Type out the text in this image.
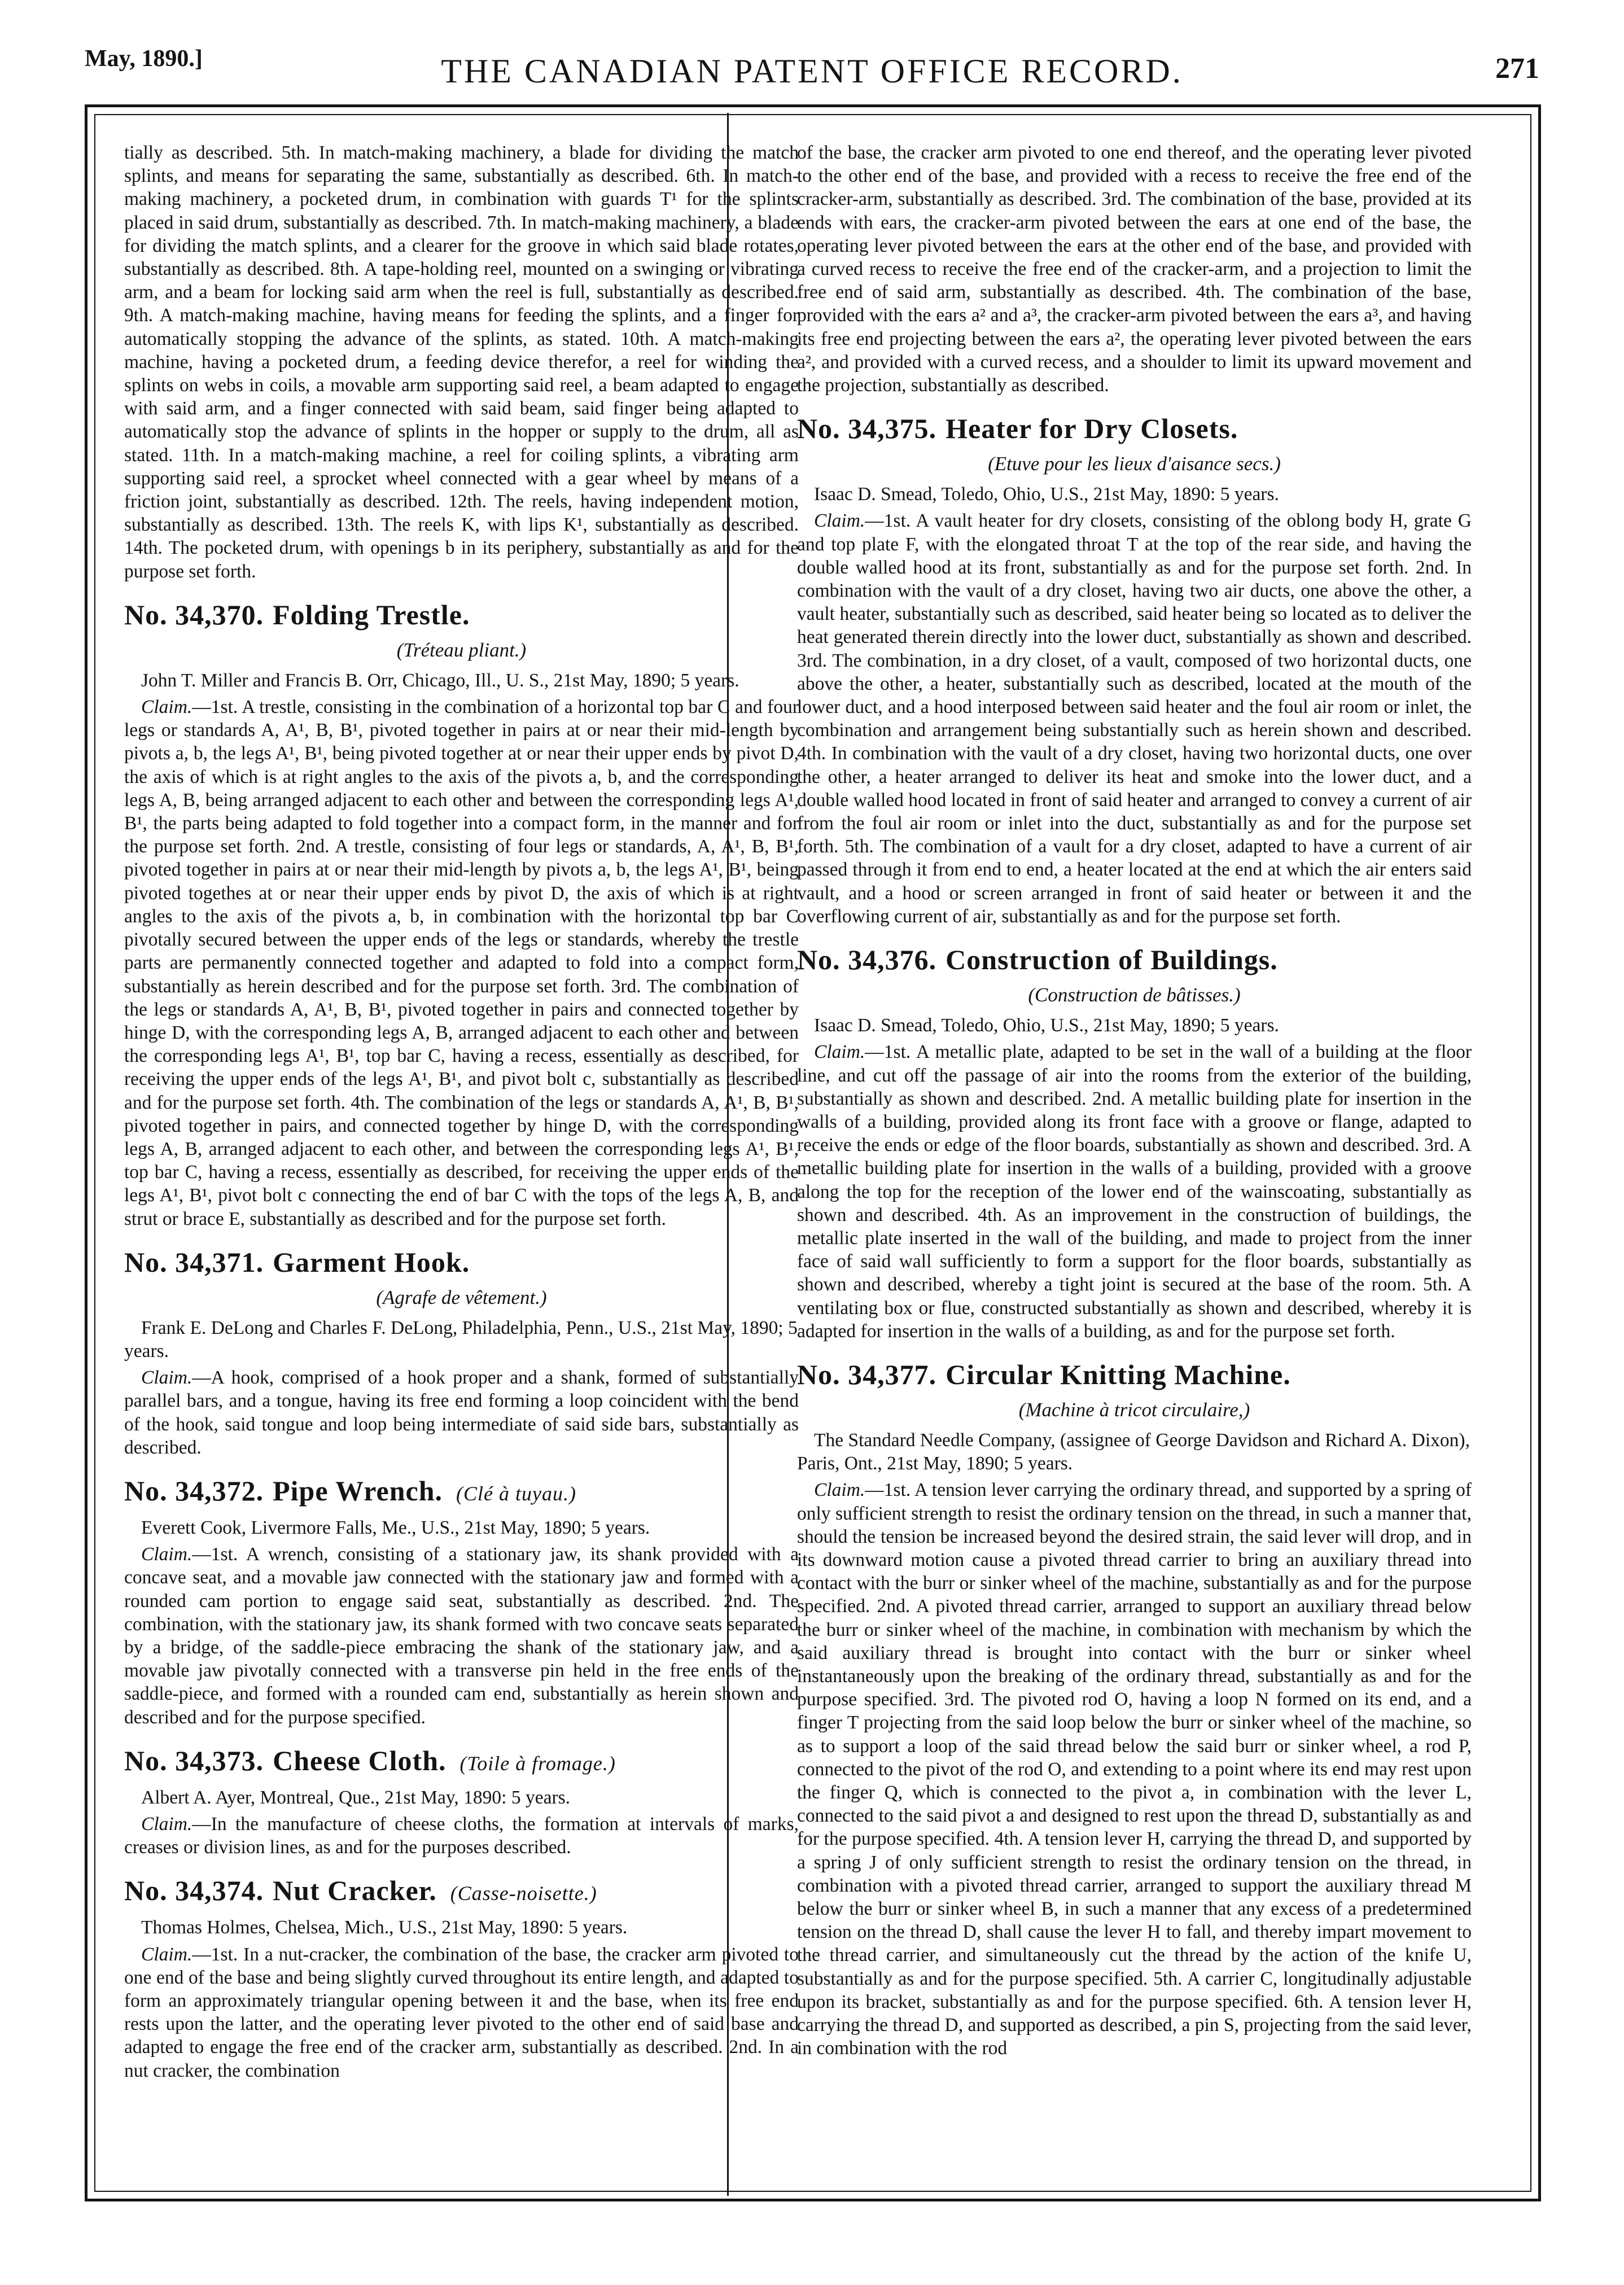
May, 1890.]	THE CANADIAN PATENT OFFICE RECORD.	271

tially as described. 5th. In match-making machinery, a blade for dividing the match splints, and means for separating the same, substantially as described. 6th. In match-making machinery, a pocketed drum, in combination with guards T¹ for the splints placed in said drum, substantially as described. 7th. In match-making machinery, a blade for dividing the match splints, and a clearer for the groove in which said blade rotates, substantially as described. 8th. A tape-holding reel, mounted on a swinging or vibrating arm, and a beam for locking said arm when the reel is full, substantially as described. 9th. A match-making machine, having means for feeding the splints, and a finger for automatically stopping the advance of the splints, as stated. 10th. A match-making machine, having a pocketed drum, a feeding device therefor, a reel for winding the splints on webs in coils, a movable arm supporting said reel, a beam adapted to engage with said arm, and a finger connected with said beam, said finger being adapted to automatically stop the advance of splints in the hopper or supply to the drum, all as stated. 11th. In a match-making machine, a reel for coiling splints, a vibrating arm supporting said reel, a sprocket wheel connected with a gear wheel by means of a friction joint, substantially as described. 12th. The reels, having independent motion, substantially as described. 13th. The reels K, with lips K¹, substantially as described. 14th. The pocketed drum, with openings b in its periphery, substantially as and for the purpose set forth.

No. 34,370. Folding Trestle.
(Tréteau pliant.)

John T. Miller and Francis B. Orr, Chicago, Ill., U. S., 21st May, 1890; 5 years.

Claim.—1st. A trestle, consisting in the combination of a horizontal top bar C and four legs or standards A, A¹, B, B¹, pivoted together in pairs at or near their mid-length by pivots a, b, the legs A¹, B¹, being pivoted together at or near their upper ends by pivot D, the axis of which is at right angles to the axis of the pivots a, b, and the corresponding legs A, B, being arranged adjacent to each other and between the corresponding legs A¹, B¹, the parts being adapted to fold together into a compact form, in the manner and for the purpose set forth. 2nd. A trestle, consisting of four legs or standards, A, A¹, B, B¹, pivoted together in pairs at or near their mid-length by pivots a, b, the legs A¹, B¹, being pivoted togethes at or near their upper ends by pivot D, the axis of which is at right angles to the axis of the pivots a, b, in combination with the horizontal top bar C pivotally secured between the upper ends of the legs or standards, whereby the trestle parts are permanently connected together and adapted to fold into a compact form, substantially as herein described and for the purpose set forth. 3rd. The combination of the legs or standards A, A¹, B, B¹, pivoted together in pairs and connected together by hinge D, with the corresponding legs A, B, arranged adjacent to each other and between the corresponding legs A¹, B¹, top bar C, having a recess, essentially as described, for receiving the upper ends of the legs A¹, B¹, and pivot bolt c, substantially as described and for the purpose set forth. 4th. The combination of the legs or standards A, A¹, B, B¹, pivoted together in pairs, and connected together by hinge D, with the corresponding legs A, B, arranged adjacent to each other, and between the corresponding legs A¹, B¹, top bar C, having a recess, essentially as described, for receiving the upper ends of the legs A¹, B¹, pivot bolt c connecting the end of bar C with the tops of the legs A, B, and strut or brace E, substantially as described and for the purpose set forth.

No. 34,371. Garment Hook.
(Agrafe de vêtement.)

Frank E. DeLong and Charles F. DeLong, Philadelphia, Penn., U.S., 21st May, 1890; 5 years.

Claim.—A hook, comprised of a hook proper and a shank, formed of substantially parallel bars, and a tongue, having its free end forming a loop coincident with the bend of the hook, said tongue and loop being intermediate of said side bars, substantially as described.

No. 34,372. Pipe Wrench. (Clé à tuyau.)

Everett Cook, Livermore Falls, Me., U.S., 21st May, 1890; 5 years.

Claim.—1st. A wrench, consisting of a stationary jaw, its shank provided with a concave seat, and a movable jaw connected with the stationary jaw and formed with a rounded cam portion to engage said seat, substantially as described. 2nd. The combination, with the stationary jaw, its shank formed with two concave seats separated by a bridge, of the saddle-piece embracing the shank of the stationary jaw, and a movable jaw pivotally connected with a transverse pin held in the free ends of the saddle-piece, and formed with a rounded cam end, substantially as herein shown and described and for the purpose specified.

No. 34,373. Cheese Cloth. (Toile à fromage.)

Albert A. Ayer, Montreal, Que., 21st May, 1890: 5 years.

Claim.—In the manufacture of cheese cloths, the formation at intervals of marks, creases or division lines, as and for the purposes described.

No. 34,374. Nut Cracker. (Casse-noisette.)

Thomas Holmes, Chelsea, Mich., U.S., 21st May, 1890: 5 years.

Claim.—1st. In a nut-cracker, the combination of the base, the cracker arm pivoted to one end of the base and being slightly curved throughout its entire length, and adapted to form an approximately triangular opening between it and the base, when its free end rests upon the latter, and the operating lever pivoted to the other end of said base and adapted to engage the free end of the cracker arm, substantially as described. 2nd. In a nut cracker, the combination

of the base, the cracker arm pivoted to one end thereof, and the operating lever pivoted to the other end of the base, and provided with a recess to receive the free end of the cracker-arm, substantially as described. 3rd. The combination of the base, provided at its ends with ears, the cracker-arm pivoted between the ears at one end of the base, the operating lever pivoted between the ears at the other end of the base, and provided with a curved recess to receive the free end of the cracker-arm, and a projection to limit the free end of said arm, substantially as described. 4th. The combination of the base, provided with the ears a² and a³, the cracker-arm pivoted between the ears a³, and having its free end projecting between the ears a², the operating lever pivoted between the ears a², and provided with a curved recess, and a shoulder to limit its upward movement and the projection, substantially as described.

No. 34,375. Heater for Dry Closets.
(Etuve pour les lieux d'aisance secs.)

Isaac D. Smead, Toledo, Ohio, U.S., 21st May, 1890: 5 years.

Claim.—1st. A vault heater for dry closets, consisting of the oblong body H, grate G and top plate F, with the elongated throat T at the top of the rear side, and having the double walled hood at its front, substantially as and for the purpose set forth. 2nd. In combination with the vault of a dry closet, having two air ducts, one above the other, a vault heater, substantially such as described, said heater being so located as to deliver the heat generated therein directly into the lower duct, substantially as shown and described. 3rd. The combination, in a dry closet, of a vault, composed of two horizontal ducts, one above the other, a heater, substantially such as described, located at the mouth of the lower duct, and a hood interposed between said heater and the foul air room or inlet, the combination and arrangement being substantially such as herein shown and described. 4th. In combination with the vault of a dry closet, having two horizontal ducts, one over the other, a heater arranged to deliver its heat and smoke into the lower duct, and a double walled hood located in front of said heater and arranged to convey a current of air from the foul air room or inlet into the duct, substantially as and for the purpose set forth. 5th. The combination of a vault for a dry closet, adapted to have a current of air passed through it from end to end, a heater located at the end at which the air enters said vault, and a hood or screen arranged in front of said heater or between it and the overflowing current of air, substantially as and for the purpose set forth.

No. 34,376. Construction of Buildings.
(Construction de bâtisses.)

Isaac D. Smead, Toledo, Ohio, U.S., 21st May, 1890; 5 years.

Claim.—1st. A metallic plate, adapted to be set in the wall of a building at the floor line, and cut off the passage of air into the rooms from the exterior of the building, substantially as shown and described. 2nd. A metallic building plate for insertion in the walls of a building, provided along its front face with a groove or flange, adapted to receive the ends or edge of the floor boards, substantially as shown and described. 3rd. A metallic building plate for insertion in the walls of a building, provided with a groove along the top for the reception of the lower end of the wainscoating, substantially as shown and described. 4th. As an improvement in the construction of buildings, the metallic plate inserted in the wall of the building, and made to project from the inner face of said wall sufficiently to form a support for the floor boards, substantially as shown and described, whereby a tight joint is secured at the base of the room. 5th. A ventilating box or flue, constructed substantially as shown and described, whereby it is adapted for insertion in the walls of a building, as and for the purpose set forth.

No. 34,377. Circular Knitting Machine.
(Machine à tricot circulaire,)

The Standard Needle Company, (assignee of George Davidson and Richard A. Dixon), Paris, Ont., 21st May, 1890; 5 years.

Claim.—1st. A tension lever carrying the ordinary thread, and supported by a spring of only sufficient strength to resist the ordinary tension on the thread, in such a manner that, should the tension be increased beyond the desired strain, the said lever will drop, and in its downward motion cause a pivoted thread carrier to bring an auxiliary thread into contact with the burr or sinker wheel of the machine, substantially as and for the purpose specified. 2nd. A pivoted thread carrier, arranged to support an auxiliary thread below the burr or sinker wheel of the machine, in combination with mechanism by which the said auxiliary thread is brought into contact with the burr or sinker wheel instantaneously upon the breaking of the ordinary thread, substantially as and for the purpose specified. 3rd. The pivoted rod O, having a loop N formed on its end, and a finger T projecting from the said loop below the burr or sinker wheel of the machine, so as to support a loop of the said thread below the said burr or sinker wheel, a rod P, connected to the pivot of the rod O, and extending to a point where its end may rest upon the finger Q, which is connected to the pivot a, in combination with the lever L, connected to the said pivot a and designed to rest upon the thread D, substantially as and for the purpose specified. 4th. A tension lever H, carrying the thread D, and supported by a spring J of only sufficient strength to resist the ordinary tension on the thread, in combination with a pivoted thread carrier, arranged to support the auxiliary thread M below the burr or sinker wheel B, in such a manner that any excess of a predetermined tension on the thread D, shall cause the lever H to fall, and thereby impart movement to the thread carrier, and simultaneously cut the thread by the action of the knife U, substantially as and for the purpose specified. 5th. A carrier C, longitudinally adjustable upon its bracket, substantially as and for the purpose specified. 6th. A tension lever H, carrying the thread D, and supported as described, a pin S, projecting from the said lever, in combination with the rod
